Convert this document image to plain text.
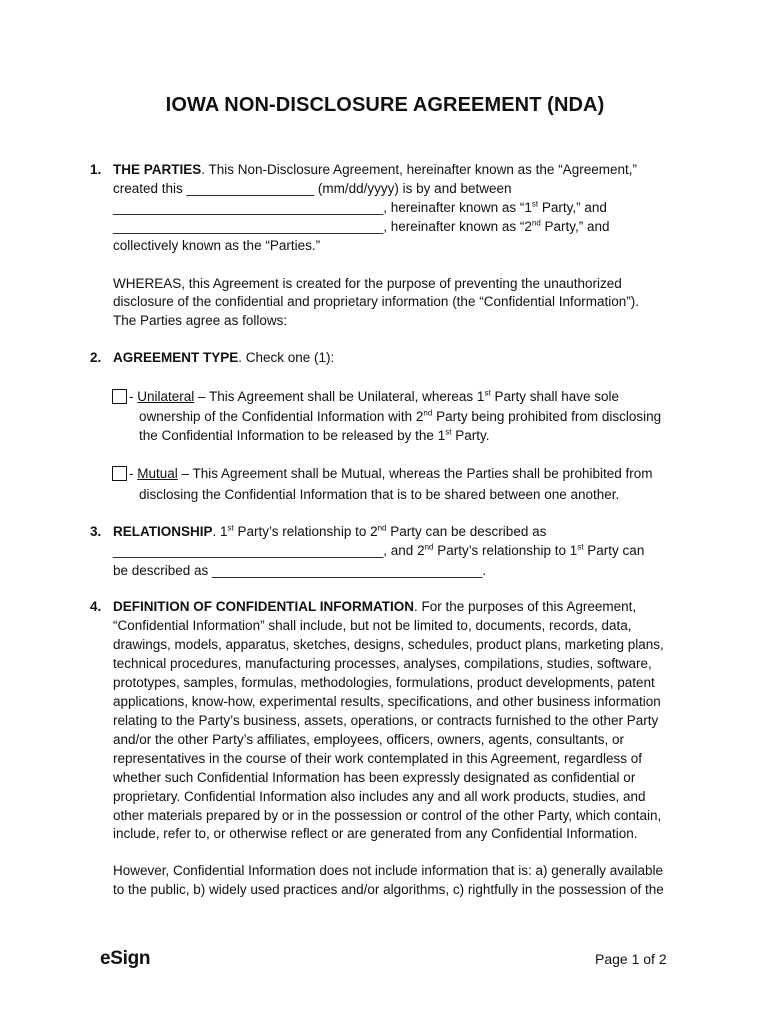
IOWA NON-DISCLOSURE AGREEMENT (NDA)
1. THE PARTIES. This Non-Disclosure Agreement, hereinafter known as the “Agreement,”
created this _________________ (mm/dd/yyyy) is by and between
____________________________________, hereinafter known as “1st Party,” and
____________________________________, hereinafter known as “2nd Party,” and
collectively known as the “Parties.”
WHEREAS, this Agreement is created for the purpose of preventing the unauthorized
disclosure of the confidential and proprietary information (the “Confidential Information”).
The Parties agree as follows:
2. AGREEMENT TYPE. Check one (1):
- Unilateral – This Agreement shall be Unilateral, whereas 1st Party shall have sole
ownership of the Confidential Information with 2nd Party being prohibited from disclosing
the Confidential Information to be released by the 1st Party.
- Mutual – This Agreement shall be Mutual, whereas the Parties shall be prohibited from
disclosing the Confidential Information that is to be shared between one another.
3. RELATIONSHIP. 1st Party’s relationship to 2nd Party can be described as
____________________________________, and 2nd Party’s relationship to 1st Party can
be described as ____________________________________.
4. DEFINITION OF CONFIDENTIAL INFORMATION. For the purposes of this Agreement,
“Confidential Information” shall include, but not be limited to, documents, records, data,
drawings, models, apparatus, sketches, designs, schedules, product plans, marketing plans,
technical procedures, manufacturing processes, analyses, compilations, studies, software,
prototypes, samples, formulas, methodologies, formulations, product developments, patent
applications, know-how, experimental results, specifications, and other business information
relating to the Party’s business, assets, operations, or contracts furnished to the other Party
and/or the other Party’s affiliates, employees, officers, owners, agents, consultants, or
representatives in the course of their work contemplated in this Agreement, regardless of
whether such Confidential Information has been expressly designated as confidential or
proprietary. Confidential Information also includes any and all work products, studies, and
other materials prepared by or in the possession or control of the other Party, which contain,
include, refer to, or otherwise reflect or are generated from any Confidential Information.
However, Confidential Information does not include information that is: a) generally available
to the public, b) widely used practices and/or algorithms, c) rightfully in the possession of the
eSign	Page 1 of 2
